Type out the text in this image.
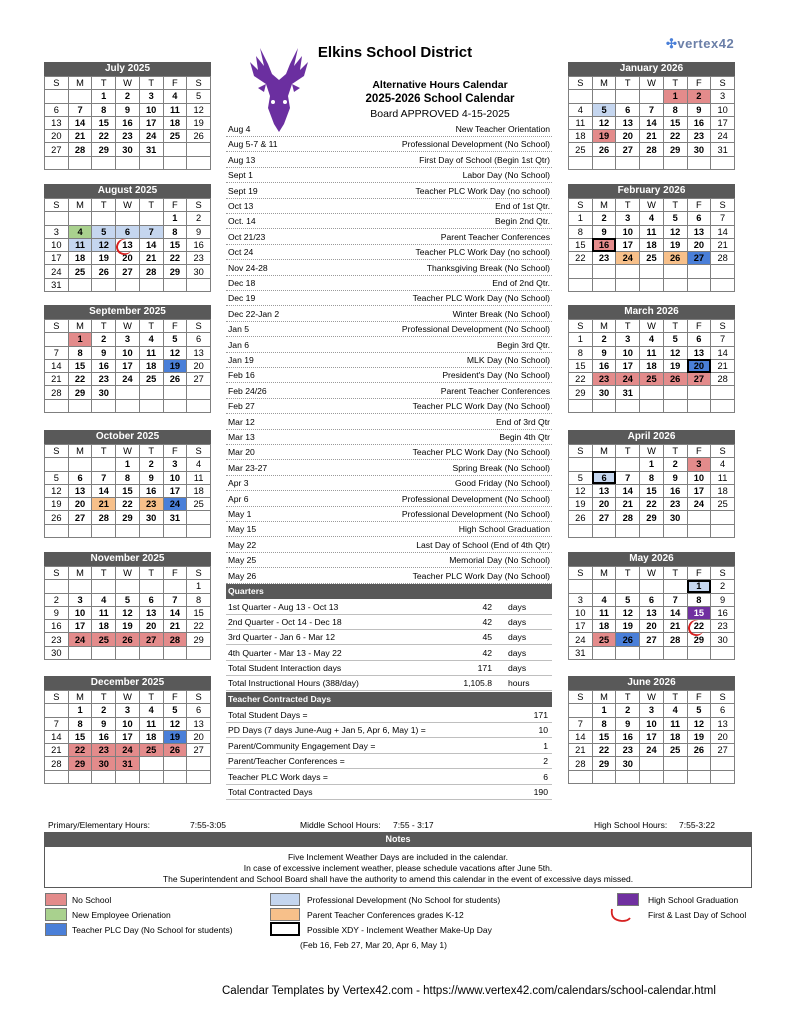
Elkins School District
Alternative Hours Calendar
2025-2026 School Calendar
Board APPROVED 4-15-2025
✣vertex42
July 2025
S	M	T	W	T	F	S
		1	2	3	4	5
6	7	8	9	10	11	12
13	14	15	16	17	18	19
20	21	22	23	24	25	26
27	28	29	30	31		

August 2025
S	M	T	W	T	F	S
					1	2
3	4	5	6	7	8	9
10	11	12	13	14	15	16
17	18	19	20	21	22	23
24	25	26	27	28	29	30
31						
September 2025
S	M	T	W	T	F	S
	1	2	3	4	5	6
7	8	9	10	11	12	13
14	15	16	17	18	19	20
21	22	23	24	25	26	27
28	29	30				

October 2025
S	M	T	W	T	F	S
			1	2	3	4
5	6	7	8	9	10	11
12	13	14	15	16	17	18
19	20	21	22	23	24	25
26	27	28	29	30	31	

November 2025
S	M	T	W	T	F	S
						1
2	3	4	5	6	7	8
9	10	11	12	13	14	15
16	17	18	19	20	21	22
23	24	25	26	27	28	29
30						
December 2025
S	M	T	W	T	F	S
	1	2	3	4	5	6
7	8	9	10	11	12	13
14	15	16	17	18	19	20
21	22	23	24	25	26	27
28	29	30	31			

January 2026
S	M	T	W	T	F	S
				1	2	3
4	5	6	7	8	9	10
11	12	13	14	15	16	17
18	19	20	21	22	23	24
25	26	27	28	29	30	31

February 2026
S	M	T	W	T	F	S
1	2	3	4	5	6	7
8	9	10	11	12	13	14
15	16	17	18	19	20	21
22	23	24	25	26	27	28

March 2026
S	M	T	W	T	F	S
1	2	3	4	5	6	7
8	9	10	11	12	13	14
15	16	17	18	19	20	21
22	23	24	25	26	27	28
29	30	31				

April 2026
S	M	T	W	T	F	S
			1	2	3	4
5	6	7	8	9	10	11
12	13	14	15	16	17	18
19	20	21	22	23	24	25
26	27	28	29	30		

May 2026
S	M	T	W	T	F	S
					1	2
3	4	5	6	7	8	9
10	11	12	13	14	15	16
17	18	19	20	21	22	23
24	25	26	27	28	29	30
31						
June 2026
S	M	T	W	T	F	S
	1	2	3	4	5	6
7	8	9	10	11	12	13
14	15	16	17	18	19	20
21	22	23	24	25	26	27
28	29	30				

Aug 4	New Teacher Orientation
Aug 5-7 & 11	Professional Development (No School)
Aug 13	First Day of School (Begin 1st Qtr)
Sept 1	Labor Day (No School)
Sept 19	Teacher PLC Work Day (no school)
Oct 13	End of 1st Qtr.
Oct. 14	Begin 2nd Qtr.
Oct 21/23	Parent Teacher Conferences
Oct 24	Teacher PLC Work Day (no school)
Nov 24-28	Thanksgiving Break (No School)
Dec 18	End of 2nd Qtr.
Dec 19	Teacher PLC Work Day (No School)
Dec 22-Jan 2	Winter Break (No School)
Jan 5	Professional Development (No School)
Jan 6	Begin 3rd Qtr.
Jan 19	MLK Day (No School)
Feb 16	President's Day (No School)
Feb 24/26	Parent Teacher Conferences
Feb 27	Teacher PLC Work Day (No School)
Mar 12	End of 3rd Qtr
Mar 13	Begin 4th Qtr
Mar 20	Teacher PLC Work Day (No School)
Mar 23-27	Spring Break (No School)
Apr 3	Good Friday (No School)
Apr 6	Professional Development (No School)
May 1	Professional Development (No School)
May 15	High School Graduation
May 22	Last Day of School (End of 4th Qtr)
May 25	Memorial Day (No School)
May 26	Teacher PLC Work Day (No School)
Quarters
1st Quarter - Aug 13 - Oct 13	42 days
2nd Quarter - Oct 14 - Dec 18	42 days
3rd Quarter - Jan 6 - Mar 12	45 days
4th Quarter - Mar 13 - May 22	42 days
Total Student Interaction days	171 days
Total Instructional Hours (388/day)	1,105.8 hours
Teacher Contracted Days
Total Student Days =	171
PD Days (7 days June-Aug + Jan 5, Apr 6, May 1) =	10
Parent/Community Engagement Day =	1
Parent/Teacher Conferences =	2
Teacher PLC Work days =	6
Total Contracted Days	190
Primary/Elementary Hours:	7:55-3:05	Middle School Hours: 7:55 - 3:17	High School Hours: 7:55-3:22
Notes
Five Inclement Weather Days are included in the calendar.
In case of excessive inclement weather, please schedule vacations after June 5th.
The Superintendent and School Board shall have the authority to amend this calendar in the event of excessive days missed.
No School
New Employee Orienation
Teacher PLC Day (No School for students)
Professional Development (No School for students)
Parent Teacher Conferences grades K-12
Possible XDY - Inclement Weather Make-Up Day
(Feb 16, Feb 27, Mar 20, Apr 6, May 1)
High School Graduation
First & Last Day of School
Calendar Templates by Vertex42.com - https://www.vertex42.com/calendars/school-calendar.html
